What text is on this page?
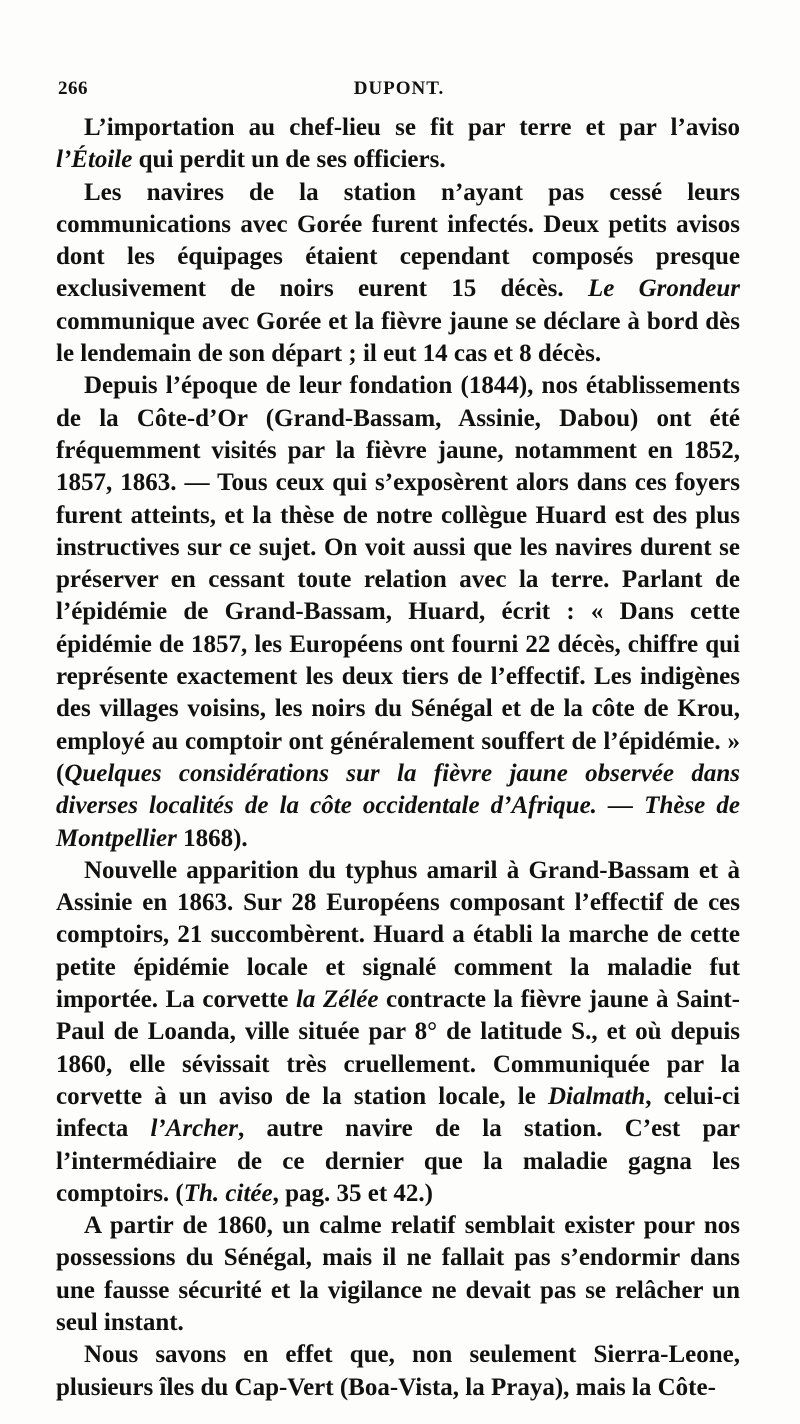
266	DUPONT.

L’importation au chef-lieu se fit par terre et par l’aviso l’Étoile qui perdit un de ses officiers.

Les navires de la station n’ayant pas cessé leurs communications avec Gorée furent infectés. Deux petits avisos dont les équipages étaient cependant composés presque exclusivement de noirs eurent 15 décès. Le Grondeur communique avec Gorée et la fièvre jaune se déclare à bord dès le lendemain de son départ ; il eut 14 cas et 8 décès.

Depuis l’époque de leur fondation (1844), nos établissements de la Côte-d’Or (Grand-Bassam, Assinie, Dabou) ont été fréquemment visités par la fièvre jaune, notamment en 1852, 1857, 1863. — Tous ceux qui s’exposèrent alors dans ces foyers furent atteints, et la thèse de notre collègue Huard est des plus instructives sur ce sujet. On voit aussi que les navires durent se préserver en cessant toute relation avec la terre. Parlant de l’épidémie de Grand-Bassam, Huard, écrit : « Dans cette épidémie de 1857, les Européens ont fourni 22 décès, chiffre qui représente exactement les deux tiers de l’effectif. Les indigènes des villages voisins, les noirs du Sénégal et de la côte de Krou, employé au comptoir ont généralement souffert de l’épidémie. » (Quelques considérations sur la fièvre jaune observée dans diverses localités de la côte occidentale d’Afrique. — Thèse de Montpellier 1868).

Nouvelle apparition du typhus amaril à Grand-Bassam et à Assinie en 1863. Sur 28 Européens composant l’effectif de ces comptoirs, 21 succombèrent. Huard a établi la marche de cette petite épidémie locale et signalé comment la maladie fut importée. La corvette la Zélée contracte la fièvre jaune à Saint-Paul de Loanda, ville située par 8° de latitude S., et où depuis 1860, elle sévissait très cruellement. Communiquée par la corvette à un aviso de la station locale, le Dialmath, celui-ci infecta l’Archer, autre navire de la station. C’est par l’intermédiaire de ce dernier que la maladie gagna les comptoirs. (Th. citée, pag. 35 et 42.)

A partir de 1860, un calme relatif semblait exister pour nos possessions du Sénégal, mais il ne fallait pas s’endormir dans une fausse sécurité et la vigilance ne devait pas se relâcher un seul instant.

Nous savons en effet que, non seulement Sierra-Leone, plusieurs îles du Cap-Vert (Boa-Vista, la Praya), mais la Côte-
